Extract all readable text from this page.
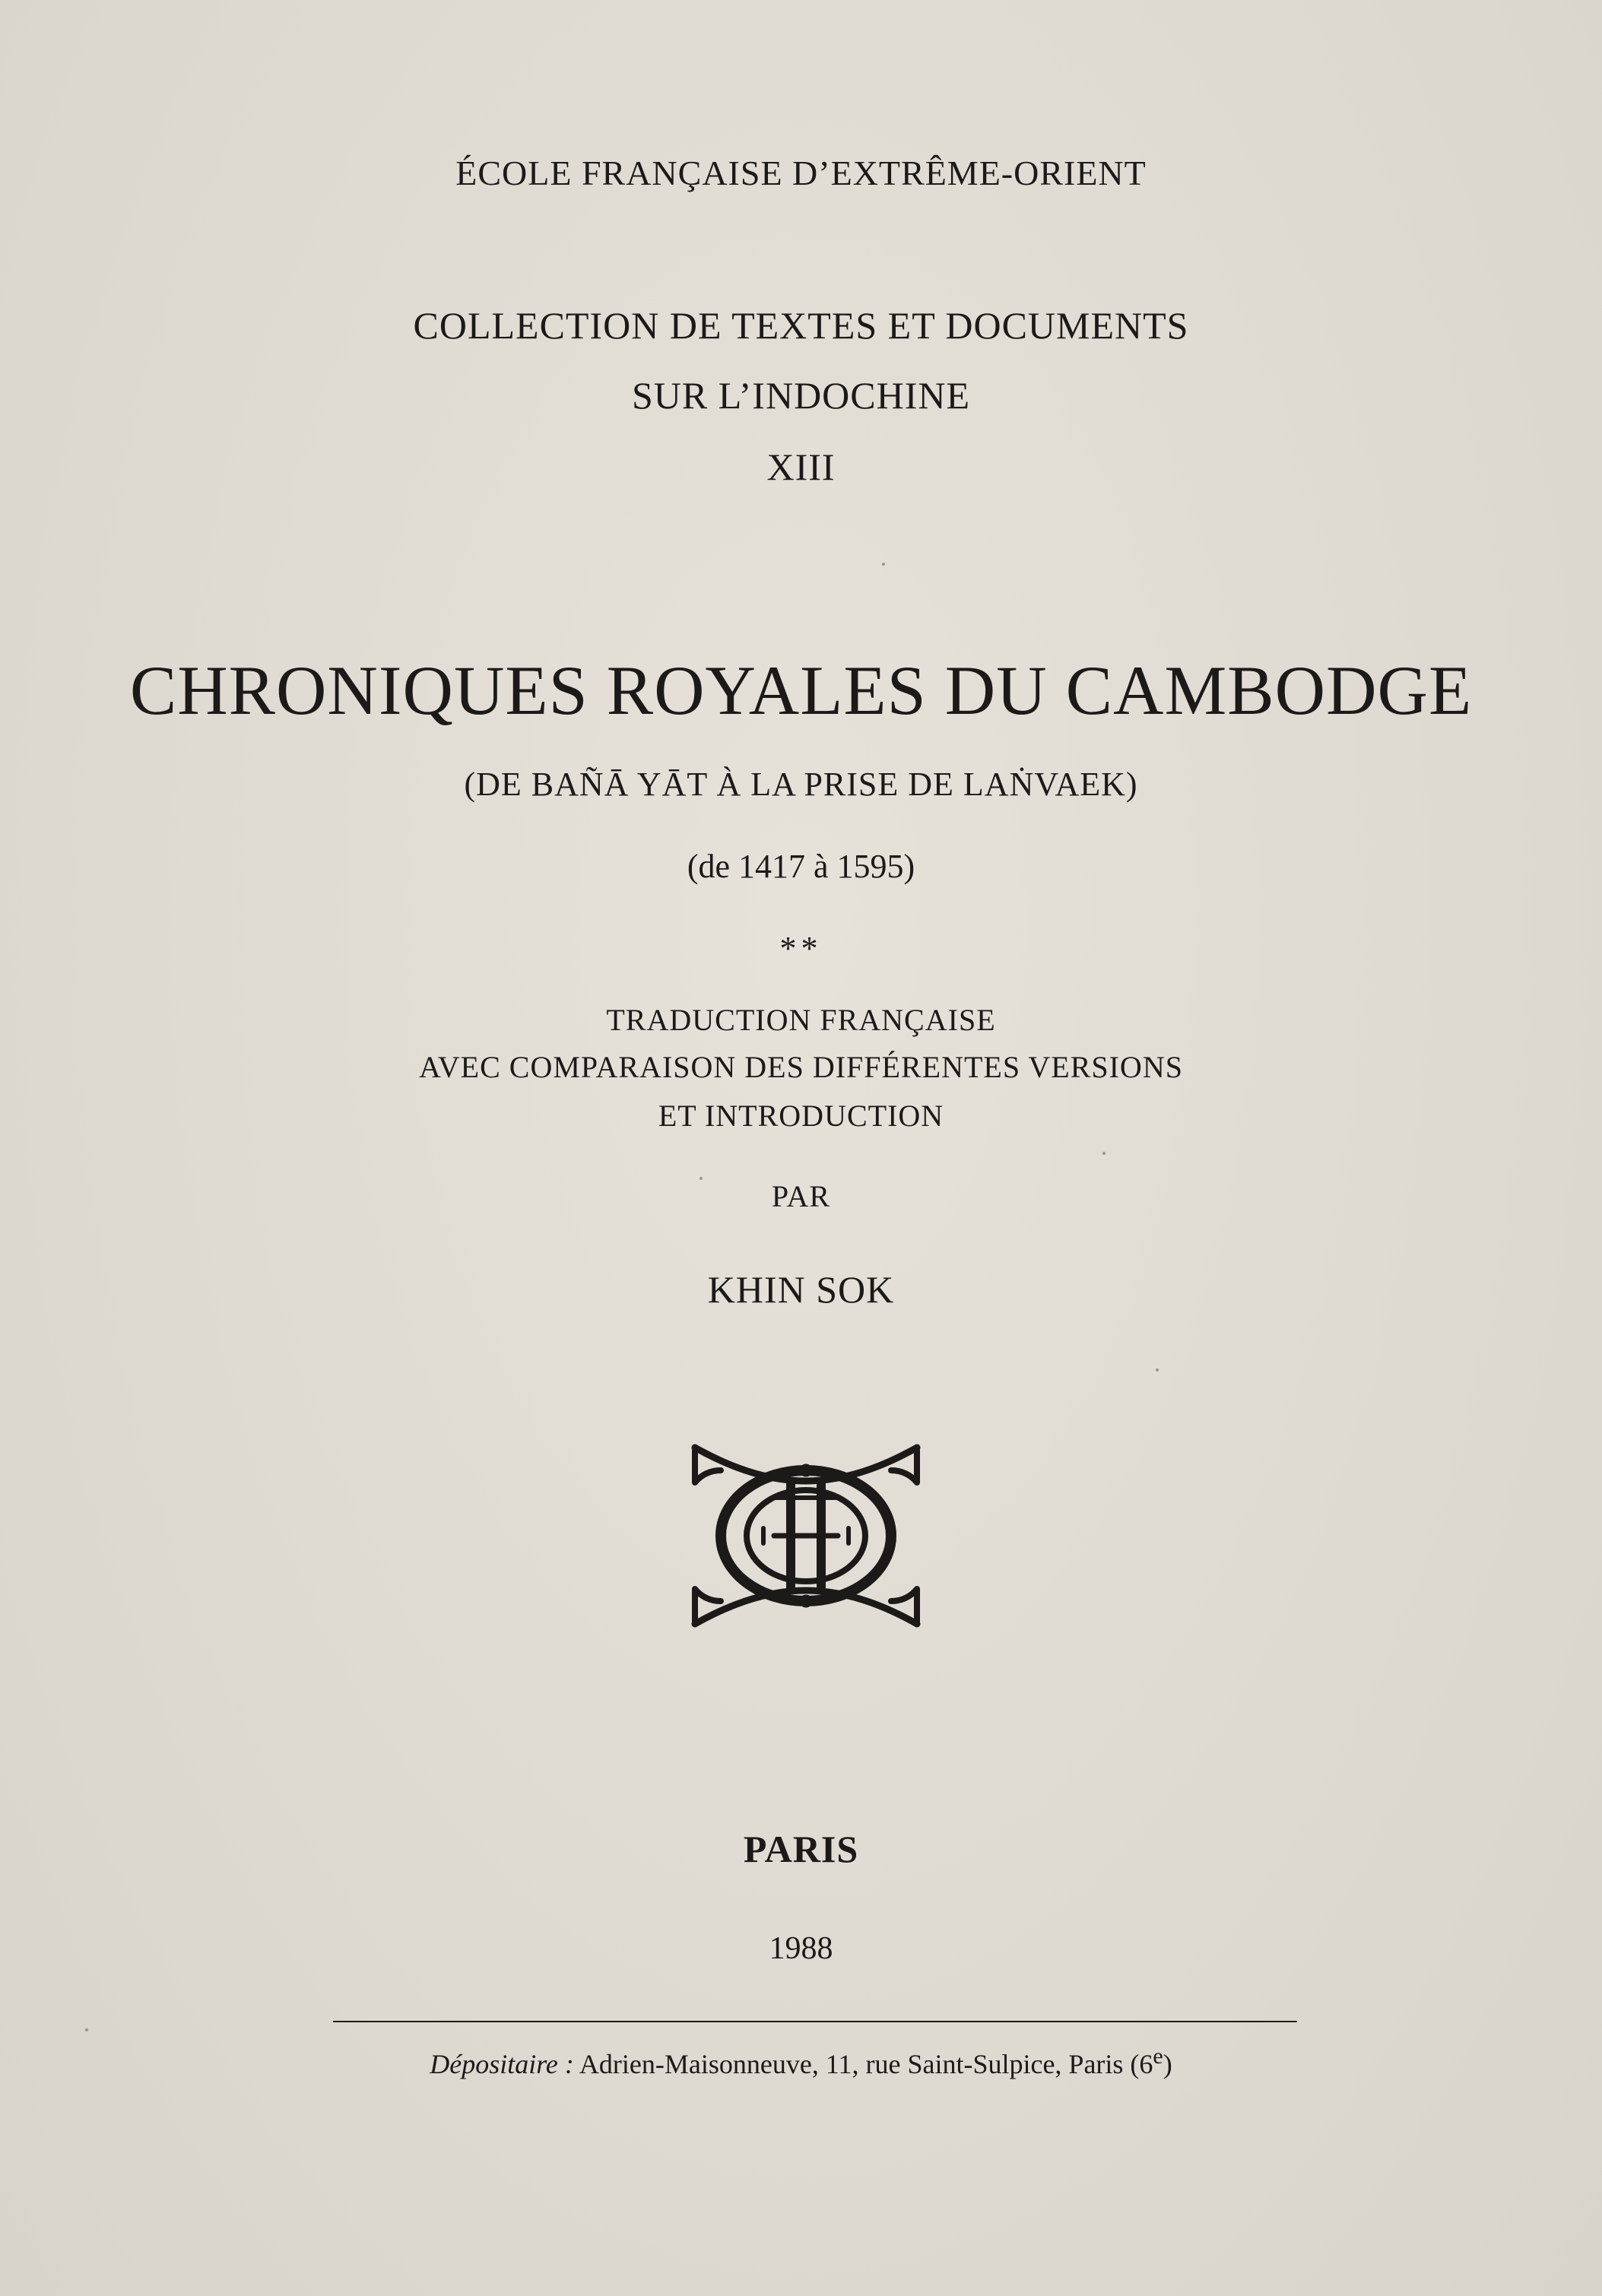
ÉCOLE FRANÇAISE D’EXTRÊME-ORIENT
COLLECTION DE TEXTES ET DOCUMENTS
SUR L’INDOCHINE
XIII
CHRONIQUES ROYALES DU CAMBODGE
(DE BAÑĀ YĀT À LA PRISE DE LAṄVAEK)
(de 1417 à 1595)
**
TRADUCTION FRANÇAISE
AVEC COMPARAISON DES DIFFÉRENTES VERSIONS
ET INTRODUCTION
PAR
KHIN SOK
PARIS
1988
Dépositaire : Adrien-Maisonneuve, 11, rue Saint-Sulpice, Paris (6e)
